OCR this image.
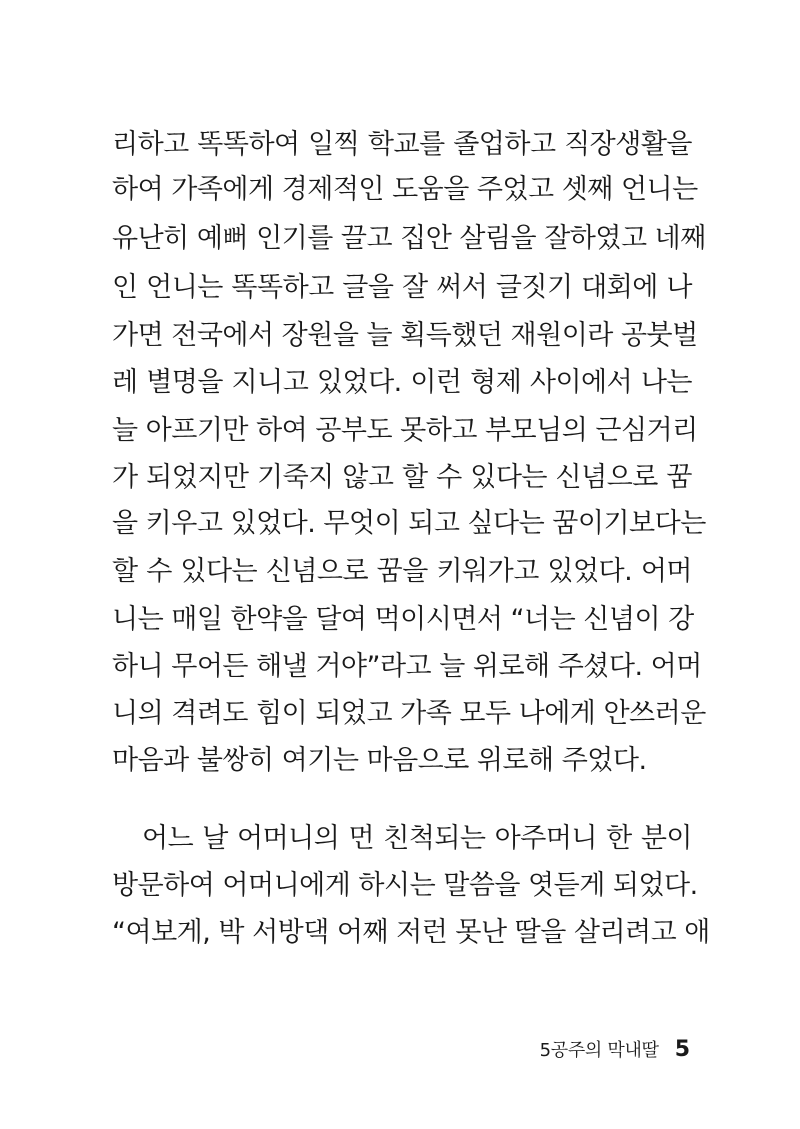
리하고 똑똑하여 일찍 학교를 졸업하고 직장생활을
하여 가족에게 경제적인 도움을 주었고 셋째 언니는
유난히 예뻐 인기를 끌고 집안 살림을 잘하였고 네째
인 언니는 똑똑하고 글을 잘 써서 글짓기 대회에 나
가면 전국에서 장원을 늘 획득했던 재원이라 공붓벌
레 별명을 지니고 있었다. 이런 형제 사이에서 나는
늘 아프기만 하여 공부도 못하고 부모님의 근심거리
가 되었지만 기죽지 않고 할 수 있다는 신념으로 꿈
을 키우고 있었다. 무엇이 되고 싶다는 꿈이기보다는
할 수 있다는 신념으로 꿈을 키워가고 있었다. 어머
니는 매일 한약을 달여 먹이시면서 “너는 신념이 강
하니 무어든 해낼 거야”라고 늘 위로해 주셨다. 어머
니의 격려도 힘이 되었고 가족 모두 나에게 안쓰러운
마음과 불쌍히 여기는 마음으로 위로해 주었다.
어느 날 어머니의 먼 친척되는 아주머니 한 분이
방문하여 어머니에게 하시는 말씀을 엿듣게 되었다.
“여보게, 박 서방댁 어째 저런 못난 딸을 살리려고 애
5공주의 막내딸 5
